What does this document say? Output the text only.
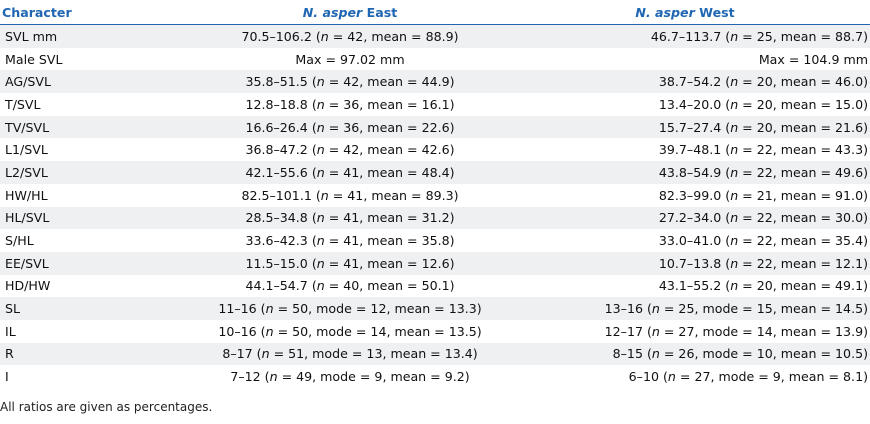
Character	N. asper East	N. asper West
SVL mm	70.5–106.2 (n = 42, mean = 88.9)	46.7–113.7 (n = 25, mean = 88.7)
Male SVL	Max = 97.02 mm	Max = 104.9 mm
AG/SVL	35.8–51.5 (n = 42, mean = 44.9)	38.7–54.2 (n = 20, mean = 46.0)
T/SVL	12.8–18.8 (n = 36, mean = 16.1)	13.4–20.0 (n = 20, mean = 15.0)
TV/SVL	16.6–26.4 (n = 36, mean = 22.6)	15.7–27.4 (n = 20, mean = 21.6)
L1/SVL	36.8–47.2 (n = 42, mean = 42.6)	39.7–48.1 (n = 22, mean = 43.3)
L2/SVL	42.1–55.6 (n = 41, mean = 48.4)	43.8–54.9 (n = 22, mean = 49.6)
HW/HL	82.5–101.1 (n = 41, mean = 89.3)	82.3–99.0 (n = 21, mean = 91.0)
HL/SVL	28.5–34.8 (n = 41, mean = 31.2)	27.2–34.0 (n = 22, mean = 30.0)
S/HL	33.6–42.3 (n = 41, mean = 35.8)	33.0–41.0 (n = 22, mean = 35.4)
EE/SVL	11.5–15.0 (n = 41, mean = 12.6)	10.7–13.8 (n = 22, mean = 12.1)
HD/HW	44.1–54.7 (n = 40, mean = 50.1)	43.1–55.2 (n = 20, mean = 49.1)
SL	11–16 (n = 50, mode = 12, mean = 13.3)	13–16 (n = 25, mode = 15, mean = 14.5)
IL	10–16 (n = 50, mode = 14, mean = 13.5)	12–17 (n = 27, mode = 14, mean = 13.9)
R	8–17 (n = 51, mode = 13, mean = 13.4)	8–15 (n = 26, mode = 10, mean = 10.5)
I	7–12 (n = 49, mode = 9, mean = 9.2)	6–10 (n = 27, mode = 9, mean = 8.1)
All ratios are given as percentages.
